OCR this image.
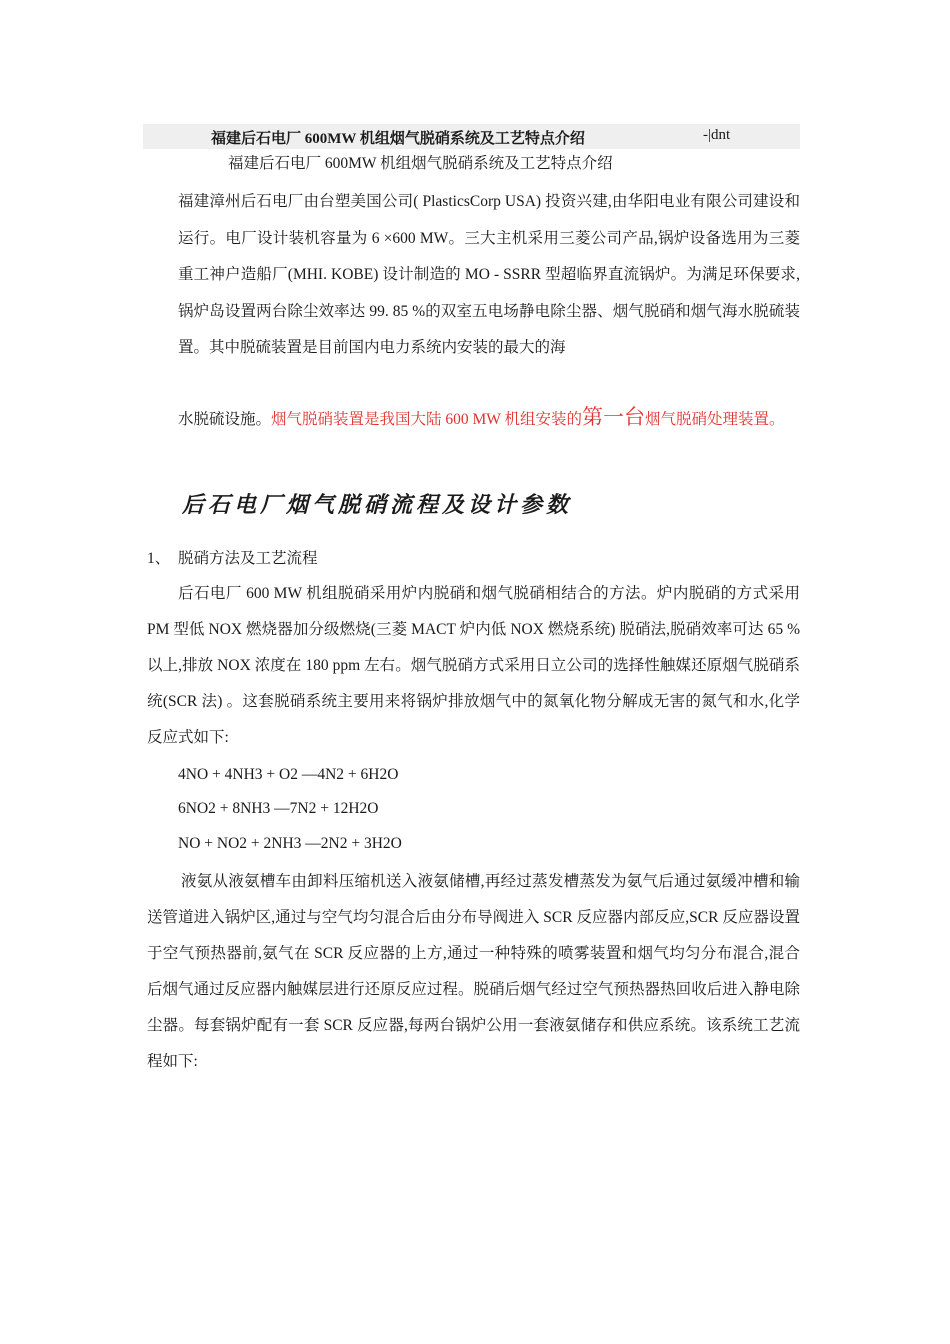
福建后石电厂 600MW 机组烟气脱硝系统及工艺特点介绍	-|dnt
福建后石电厂 600MW 机组烟气脱硝系统及工艺特点介绍
福建漳州后石电厂由台塑美国公司( PlasticsCorp USA) 投资兴建,由华阳电业有限公司建设和运行。电厂设计装机容量为 6 ×600 MW。三大主机采用三菱公司产品,锅炉设备选用为三菱重工神户造船厂(MHI. KOBE) 设计制造的 MO - SSRR 型超临界直流锅炉。为满足环保要求,锅炉岛设置两台除尘效率达 99. 85 %的双室五电场静电除尘器、烟气脱硝和烟气海水脱硫装置。其中脱硫装置是目前国内电力系统内安装的最大的海
水脱硫设施。烟气脱硝装置是我国大陆 600 MW 机组安装的第一台烟气脱硝处理装置。
后石电厂烟气脱硝流程及设计参数
1、 脱硝方法及工艺流程
后石电厂 600 MW 机组脱硝采用炉内脱硝和烟气脱硝相结合的方法。炉内脱硝的方式采用 PM 型低 NOX 燃烧器加分级燃烧(三菱 MACT 炉内低 NOX 燃烧系统) 脱硝法,脱硝效率可达 65 %以上,排放 NOX 浓度在 180 ppm 左右。烟气脱硝方式采用日立公司的选择性触媒还原烟气脱硝系统(SCR 法) 。这套脱硝系统主要用来将锅炉排放烟气中的氮氧化物分解成无害的氮气和水,化学反应式如下:
4NO + 4NH3 + O2 —4N2 + 6H2O
6NO2 + 8NH3 —7N2 + 12H2O
NO + NO2 + 2NH3 —2N2 + 3H2O
液氨从液氨槽车由卸料压缩机送入液氨储槽,再经过蒸发槽蒸发为氨气后通过氨缓冲槽和输送管道进入锅炉区,通过与空气均匀混合后由分布导阀进入 SCR 反应器内部反应,SCR 反应器设置于空气预热器前,氨气在 SCR 反应器的上方,通过一种特殊的喷雾装置和烟气均匀分布混合,混合后烟气通过反应器内触媒层进行还原反应过程。脱硝后烟气经过空气预热器热回收后进入静电除尘器。每套锅炉配有一套 SCR 反应器,每两台锅炉公用一套液氨储存和供应系统。该系统工艺流程如下:
